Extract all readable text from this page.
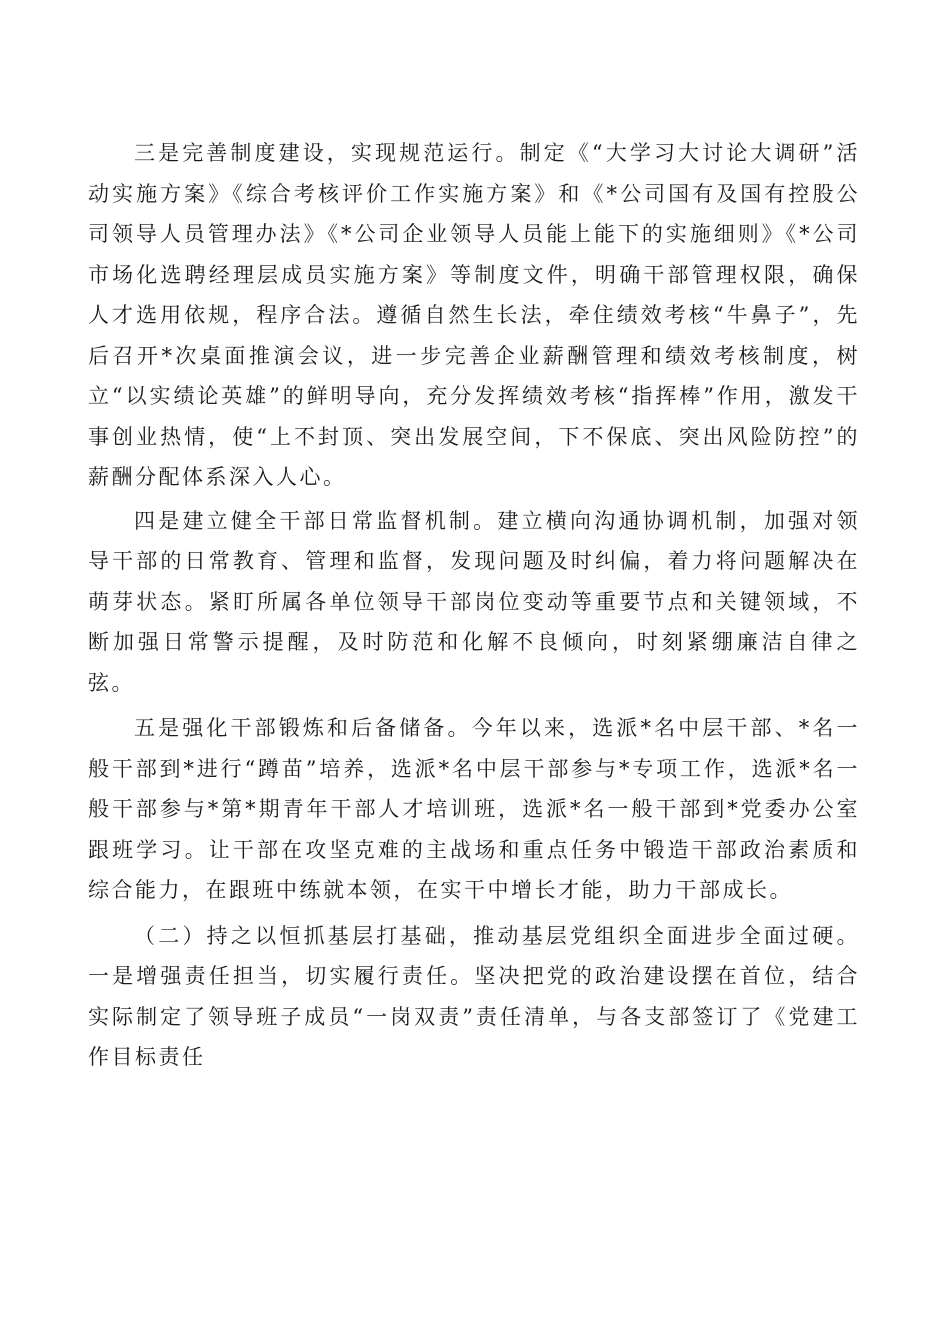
三是完善制度建设，实现规范运行。制定《“大学习大讨论大调研”活动实施方案》《综合考核评价工作实施方案》和《*公司国有及国有控股公司领导人员管理办法》《*公司企业领导人员能上能下的实施细则》《*公司市场化选聘经理层成员实施方案》等制度文件，明确干部管理权限，确保人才选用依规，程序合法。遵循自然生长法，牵住绩效考核“牛鼻子”，先后召开*次桌面推演会议，进一步完善企业薪酬管理和绩效考核制度，树立“以实绩论英雄”的鲜明导向，充分发挥绩效考核“指挥棒”作用，激发干事创业热情，使“上不封顶、突出发展空间，下不保底、突出风险防控”的薪酬分配体系深入人心。

四是建立健全干部日常监督机制。建立横向沟通协调机制，加强对领导干部的日常教育、管理和监督，发现问题及时纠偏，着力将问题解决在萌芽状态。紧盯所属各单位领导干部岗位变动等重要节点和关键领域，不断加强日常警示提醒，及时防范和化解不良倾向，时刻紧绷廉洁自律之弦。

五是强化干部锻炼和后备储备。今年以来，选派*名中层干部、*名一般干部到*进行“蹲苗”培养，选派*名中层干部参与*专项工作，选派*名一般干部参与*第*期青年干部人才培训班，选派*名一般干部到*党委办公室跟班学习。让干部在攻坚克难的主战场和重点任务中锻造干部政治素质和综合能力，在跟班中练就本领，在实干中增长才能，助力干部成长。

（二）持之以恒抓基层打基础，推动基层党组织全面进步全面过硬。一是增强责任担当，切实履行责任。坚决把党的政治建设摆在首位，结合实际制定了领导班子成员“一岗双责”责任清单，与各支部签订了《党建工作目标责任
